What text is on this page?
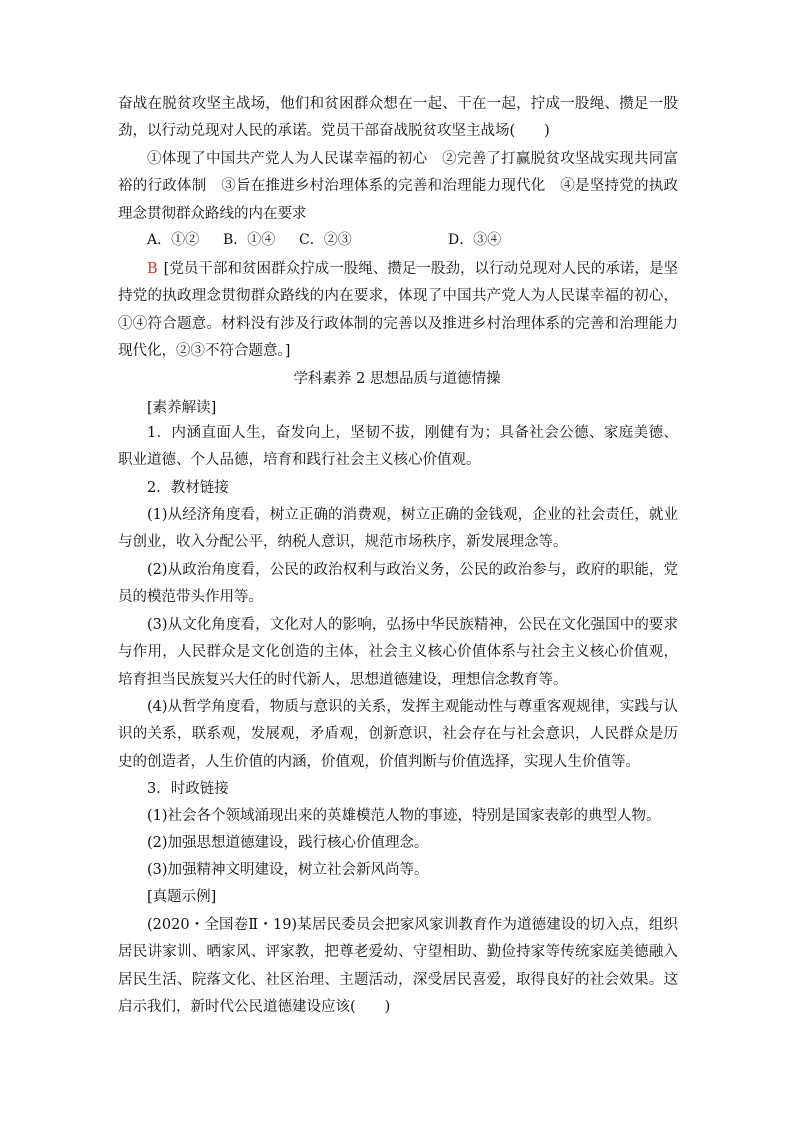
奋战在脱贫攻坚主战场，他们和贫困群众想在一起、干在一起，拧成一股绳、攒足一股劲，以行动兑现对人民的承诺。党员干部奋战脱贫攻坚主战场(　　)
①体现了中国共产党人为人民谋幸福的初心　②完善了打赢脱贫攻坚战实现共同富裕的行政体制　③旨在推进乡村治理体系的完善和治理能力现代化　④是坚持党的执政理念贯彻群众路线的内在要求
A．①② B．①④ C．②③	D．③④
B [党员干部和贫困群众拧成一股绳、攒足一股劲，以行动兑现对人民的承诺，是坚持党的执政理念贯彻群众路线的内在要求，体现了中国共产党人为人民谋幸福的初心，①④符合题意。材料没有涉及行政体制的完善以及推进乡村治理体系的完善和治理能力现代化，②③不符合题意。]
学科素养 2 思想品质与道德情操
[素养解读]
1．内涵直面人生，奋发向上，坚韧不拔，刚健有为；具备社会公德、家庭美德、职业道德、个人品德，培育和践行社会主义核心价值观。
2．教材链接
(1)从经济角度看，树立正确的消费观，树立正确的金钱观，企业的社会责任，就业与创业，收入分配公平，纳税人意识，规范市场秩序，新发展理念等。
(2)从政治角度看，公民的政治权利与政治义务，公民的政治参与，政府的职能，党员的模范带头作用等。
(3)从文化角度看，文化对人的影响，弘扬中华民族精神，公民在文化强国中的要求与作用，人民群众是文化创造的主体，社会主义核心价值体系与社会主义核心价值观，培育担当民族复兴大任的时代新人，思想道德建设，理想信念教育等。
(4)从哲学角度看，物质与意识的关系，发挥主观能动性与尊重客观规律，实践与认识的关系，联系观，发展观，矛盾观，创新意识，社会存在与社会意识，人民群众是历史的创造者，人生价值的内涵，价值观，价值判断与价值选择，实现人生价值等。
3．时政链接
(1)社会各个领域涌现出来的英雄模范人物的事迹，特别是国家表彰的典型人物。
(2)加强思想道德建设，践行核心价值理念。
(3)加强精神文明建设，树立社会新风尚等。
[真题示例]
(2020・全国卷Ⅱ・19)某居民委员会把家风家训教育作为道德建设的切入点，组织居民讲家训、晒家风、评家教，把尊老爱幼、守望相助、勤俭持家等传统家庭美德融入居民生活、院落文化、社区治理、主题活动，深受居民喜爱，取得良好的社会效果。这启示我们，新时代公民道德建设应该(　　)
